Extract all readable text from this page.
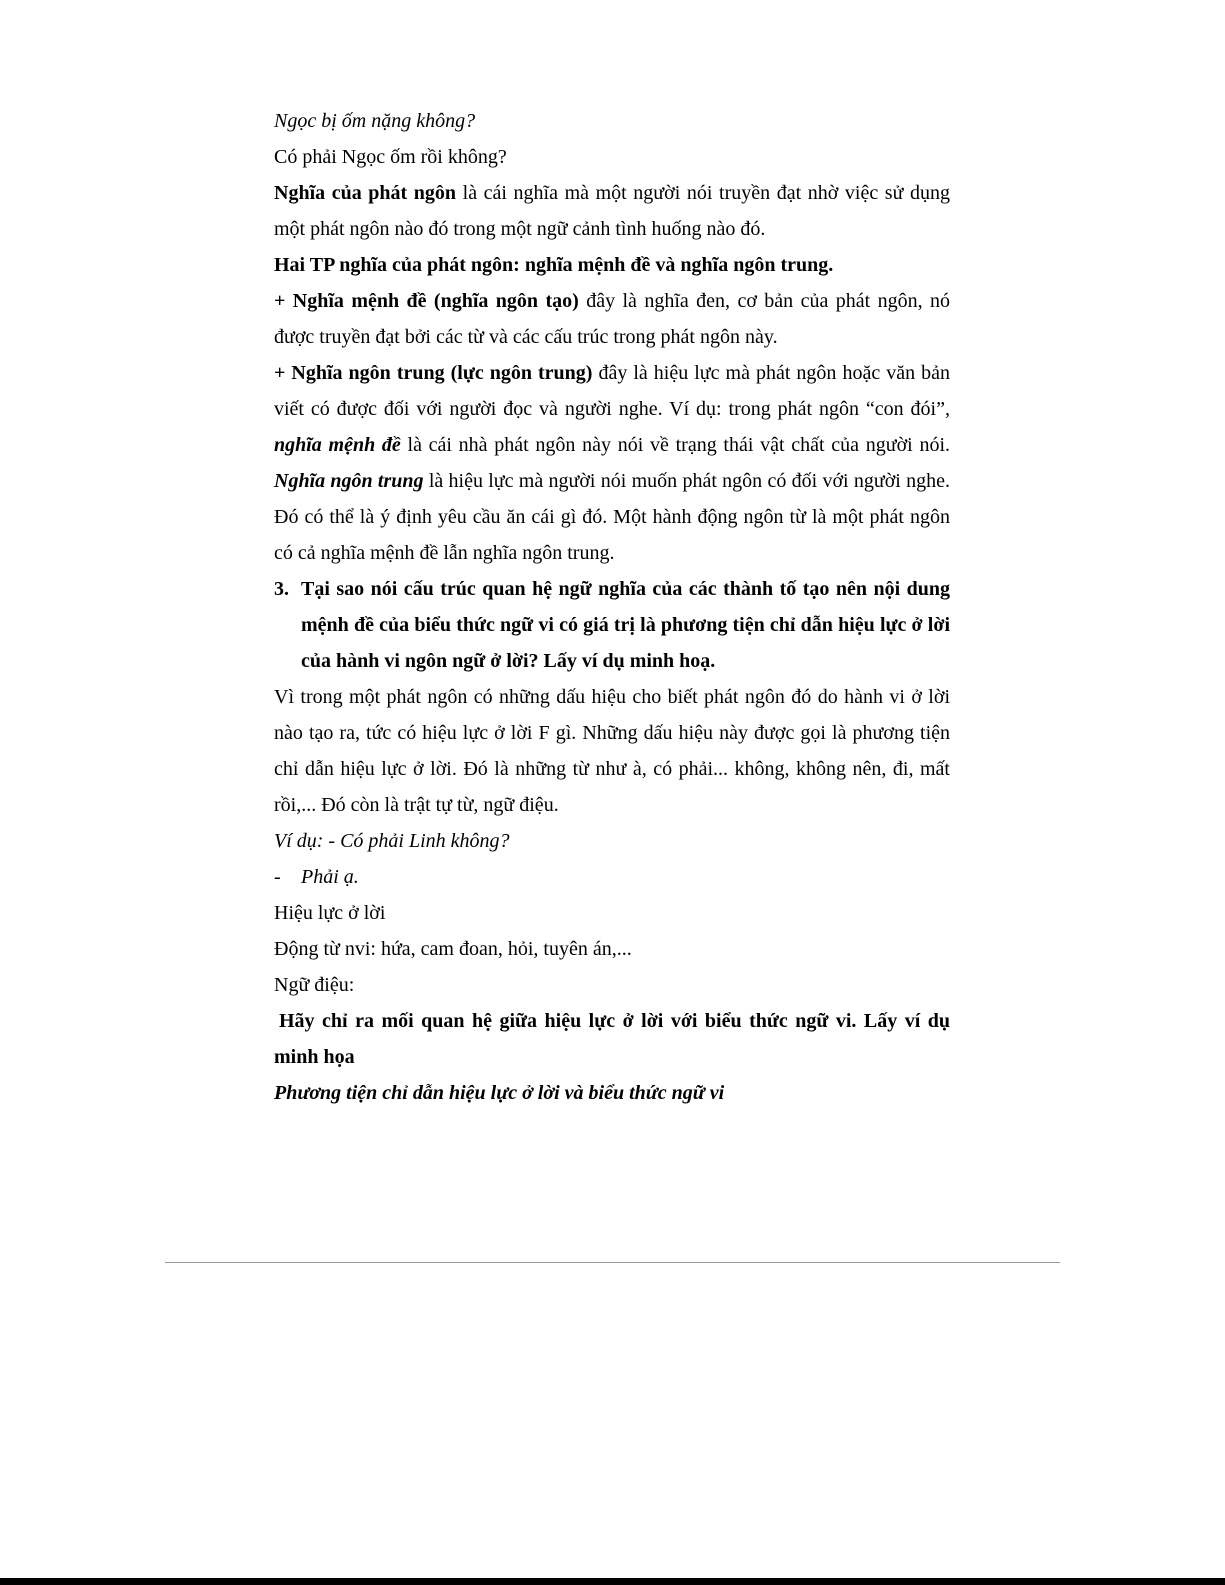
Ngọc bị ốm nặng không?

Có phải Ngọc ốm rồi không?

Nghĩa của phát ngôn là cái nghĩa mà một người nói truyền đạt nhờ việc sử dụng một phát ngôn nào đó trong một ngữ cảnh tình huống nào đó.

Hai TP nghĩa của phát ngôn: nghĩa mệnh đề và nghĩa ngôn trung.

+ Nghĩa mệnh đề (nghĩa ngôn tạo) đây là nghĩa đen, cơ bản của phát ngôn, nó được truyền đạt bởi các từ và các cấu trúc trong phát ngôn này.

+ Nghĩa ngôn trung (lực ngôn trung) đây là hiệu lực mà phát ngôn hoặc văn bản viết có được đối với người đọc và người nghe. Ví dụ: trong phát ngôn “con đói”, nghĩa mệnh đề là cái nhà phát ngôn này nói về trạng thái vật chất của người nói. Nghĩa ngôn trung là hiệu lực mà người nói muốn phát ngôn có đối với người nghe. Đó có thể là ý định yêu cầu ăn cái gì đó. Một hành động ngôn từ là một phát ngôn có cả nghĩa mệnh đề lẫn nghĩa ngôn trung.

3. Tại sao nói cấu trúc quan hệ ngữ nghĩa của các thành tố tạo nên nội dung mệnh đề của biểu thức ngữ vi có giá trị là phương tiện chỉ dẫn hiệu lực ở lời của hành vi ngôn ngữ ở lời? Lấy ví dụ minh hoạ.

Vì trong một phát ngôn có những dấu hiệu cho biết phát ngôn đó do hành vi ở lời nào tạo ra, tức có hiệu lực ở lời F gì. Những dấu hiệu này được gọi là phương tiện chỉ dẫn hiệu lực ở lời. Đó là những từ như à, có phải... không, không nên, đi, mất rồi,... Đó còn là trật tự từ, ngữ điệu.

Ví dụ: - Có phải Linh không?

- Phải ạ.

Hiệu lực ở lời

Động từ nvi: hứa, cam đoan, hỏi, tuyên án,...

Ngữ điệu:

Hãy chỉ ra mối quan hệ giữa hiệu lực ở lời với biểu thức ngữ vi. Lấy ví dụ minh họa

Phương tiện chỉ dẫn hiệu lực ở lời và biểu thức ngữ vi
